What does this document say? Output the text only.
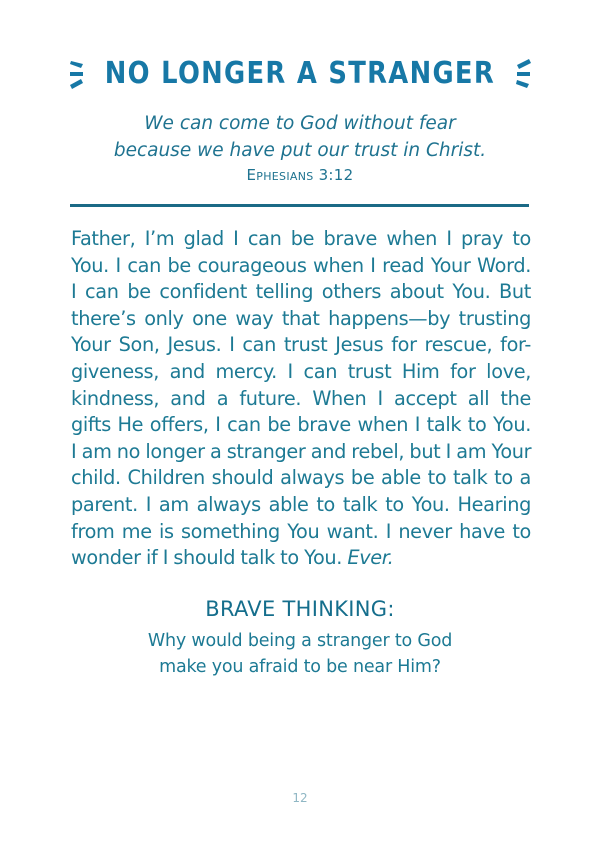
NO LONGER A STRANGER
We can come to God without fear
because we have put our trust in Christ.
Ephesians 3:12
Father, I’m glad I can be brave when I pray to
You. I can be courageous when I read Your Word.
I can be confident telling others about You. But
there’s only one way that happens—by trusting
Your Son, Jesus. I can trust Jesus for rescue, for-
giveness, and mercy. I can trust Him for love,
kindness, and a future. When I accept all the
gifts He offers, I can be brave when I talk to You.
I am no longer a stranger and rebel, but I am Your
child. Children should always be able to talk to a
parent. I am always able to talk to You. Hearing
from me is something You want. I never have to
wonder if I should talk to You. Ever.
BRAVE THINKING:
Why would being a stranger to God
make you afraid to be near Him?
12
